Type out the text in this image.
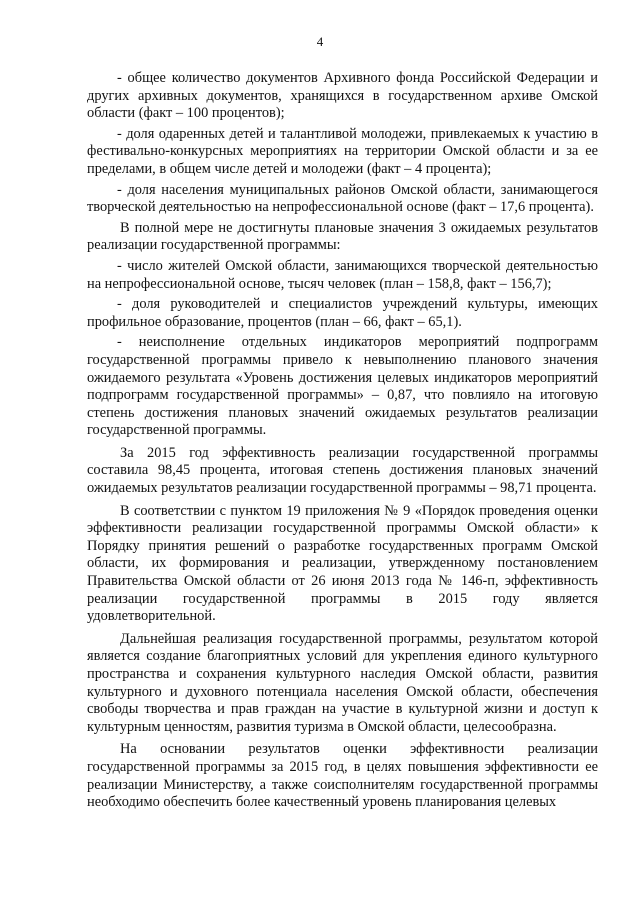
4

- общее количество документов Архивного фонда Российской Федерации и других архивных документов, хранящихся в государственном архиве Омской области (факт – 100 процентов);

- доля одаренных детей и талантливой молодежи, привлекаемых к участию в фестивально-конкурсных мероприятиях на территории Омской области и за ее пределами, в общем числе детей и молодежи (факт – 4 процента);

- доля населения муниципальных районов Омской области, занимающегося творческой деятельностью на непрофессиональной основе (факт – 17,6 процента).

В полной мере не достигнуты плановые значения 3 ожидаемых результатов реализации государственной программы:

- число жителей Омской области, занимающихся творческой деятельностью на непрофессиональной основе, тысяч человек (план – 158,8, факт – 156,7);

- доля руководителей и специалистов учреждений культуры, имеющих профильное образование, процентов (план – 66, факт – 65,1).

- неисполнение отдельных индикаторов мероприятий подпрограмм государственной программы привело к невыполнению планового значения ожидаемого результата «Уровень достижения целевых индикаторов мероприятий подпрограмм государственной программы» – 0,87, что повлияло на итоговую степень достижения плановых значений ожидаемых результатов реализации государственной программы.

За 2015 год эффективность реализации государственной программы составила 98,45 процента, итоговая степень достижения плановых значений ожидаемых результатов реализации государственной программы – 98,71 процента.

В соответствии с пунктом 19 приложения № 9 «Порядок проведения оценки эффективности реализации государственной программы Омской области» к Порядку принятия решений о разработке государственных программ Омской области, их формирования и реализации, утвержденному постановлением Правительства Омской области от 26 июня 2013 года № 146-п, эффективность реализации государственной программы в 2015 году является удовлетворительной.

Дальнейшая реализация государственной программы, результатом которой является создание благоприятных условий для укрепления единого культурного пространства и сохранения культурного наследия Омской области, развития культурного и духовного потенциала населения Омской области, обеспечения свободы творчества и прав граждан на участие в культурной жизни и доступ к культурным ценностям, развития туризма в Омской области, целесообразна.

На основании результатов оценки эффективности реализации государственной программы за 2015 год, в целях повышения эффективности ее реализации Министерству, а также соисполнителям государственной программы необходимо обеспечить более качественный уровень планирования целевых
